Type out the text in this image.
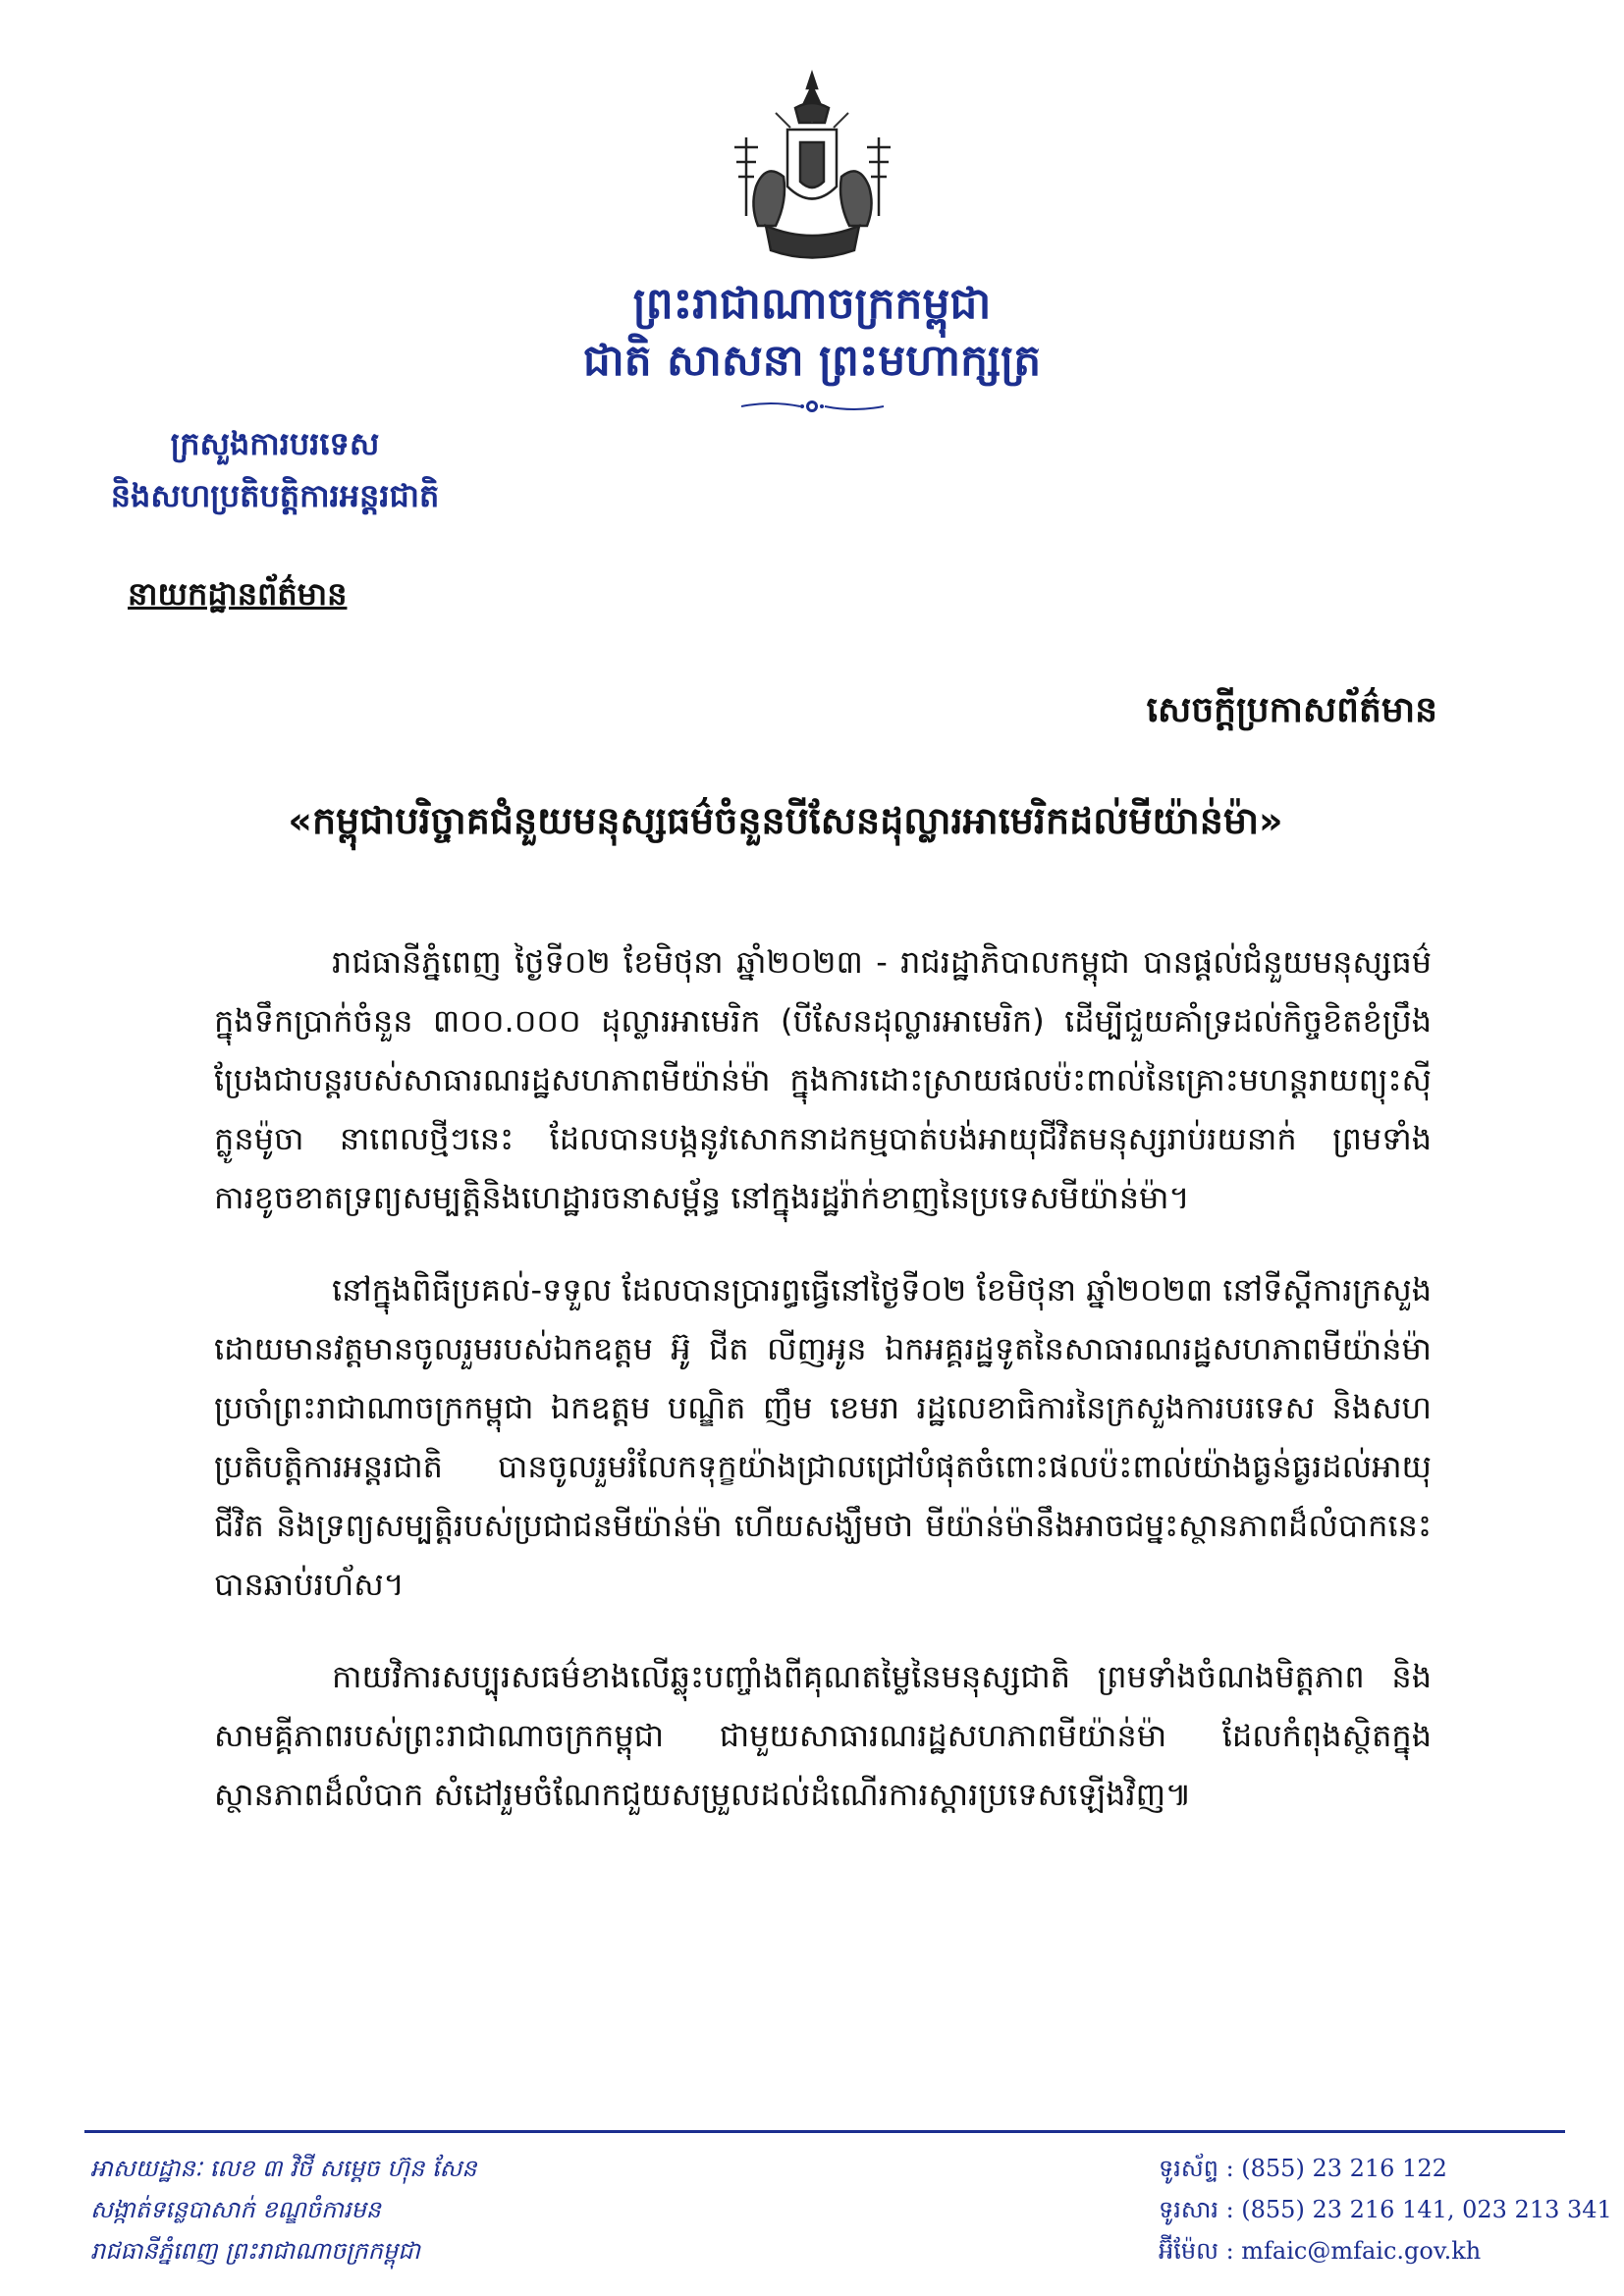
ព្រះរាជាណាចក្រកម្ពុជា
ជាតិ សាសនា ព្រះមហាក្សត្រ
ក្រសួងការបរទេស
និងសហប្រតិបត្តិការអន្តរជាតិ
នាយកដ្ឋានព័ត៌មាន
សេចក្តីប្រកាសព័ត៌មាន
«កម្ពុជាបរិច្ចាគជំនួយមនុស្សធម៌ចំនួនបីសែនដុល្លារអាមេរិកដល់មីយ៉ាន់ម៉ា»

រាជធានីភ្នំពេញ ថ្ងៃទី០២ ខែមិថុនា ឆ្នាំ២០២៣ - រាជរដ្ឋាភិបាលកម្ពុជា បានផ្តល់ជំនួយមនុស្សធម៌ក្នុងទឹកប្រាក់ចំនួន ៣០០.០០០ ដុល្លារអាមេរិក (បីសែនដុល្លារអាមេរិក) ដើម្បីជួយគាំទ្រដល់កិច្ចខិតខំប្រឹងប្រែងជាបន្តរបស់សាធារណរដ្ឋសហភាពមីយ៉ាន់ម៉ា ក្នុងការដោះស្រាយផលប៉ះពាល់នៃគ្រោះមហន្តរាយព្យុះស៊ីក្លូនម៉ូចា នាពេលថ្មីៗនេះ ដែលបានបង្កនូវសោកនាដកម្មបាត់បង់អាយុជីវិតមនុស្សរាប់រយនាក់ ព្រមទាំងការខូចខាតទ្រព្យសម្បត្តិនិងហេដ្ឋារចនាសម្ព័ន្ធ នៅក្នុងរដ្ឋរ៉ាក់ខាញនៃប្រទេសមីយ៉ាន់ម៉ា។

នៅក្នុងពិធីប្រគល់-ទទួល ដែលបានប្រារព្ធធ្វើនៅថ្ងៃទី០២ ខែមិថុនា ឆ្នាំ២០២៣ នៅទីស្តីការក្រសួង ដោយមានវត្តមានចូលរួមរបស់ឯកឧត្តម អ៊ូ ជីត លីញអូន ឯកអគ្គរដ្ឋទូតនៃសាធារណរដ្ឋសហភាពមីយ៉ាន់ម៉ា ប្រចាំព្រះរាជាណាចក្រកម្ពុជា ឯកឧត្តម បណ្ឌិត ញឹម ខេមរា រដ្ឋលេខាធិការនៃក្រសួងការបរទេស និងសហប្រតិបត្តិការអន្តរជាតិ បានចូលរួមរំលែកទុក្ខយ៉ាងជ្រាលជ្រៅបំផុតចំពោះផលប៉ះពាល់យ៉ាងធ្ងន់ធ្ងរដល់អាយុជីវិត និងទ្រព្យសម្បត្តិរបស់ប្រជាជនមីយ៉ាន់ម៉ា ហើយសង្ឃឹមថា មីយ៉ាន់ម៉ានឹងអាចជម្នះស្ថានភាពដ៏លំបាកនេះ បានឆាប់រហ័ស។

កាយវិការសប្បុរសធម៌ខាងលើឆ្លុះបញ្ចាំងពីគុណតម្លៃនៃមនុស្សជាតិ ព្រមទាំងចំណងមិត្តភាព និងសាមគ្គីភាពរបស់ព្រះរាជាណាចក្រកម្ពុជា ជាមួយសាធារណរដ្ឋសហភាពមីយ៉ាន់ម៉ា ដែលកំពុងស្ថិតក្នុងស្ថានភាពដ៏លំបាក សំដៅរួមចំណែកជួយសម្រួលដល់ដំណើរការស្តារប្រទេសឡើងវិញ៕

អាសយដ្ឋានៈ លេខ ៣ វិថី សម្តេច ហ៊ុន សែន
សង្កាត់ទន្លេបាសាក់ ខណ្ឌចំការមន
រាជធានីភ្នំពេញ ព្រះរាជាណាចក្រកម្ពុជា
ទូរស័ព្ទ : (855) 23 216 122
ទូរសារ : (855) 23 216 141, 023 213 341
អ៊ីម៉ែល : mfaic@mfaic.gov.kh
